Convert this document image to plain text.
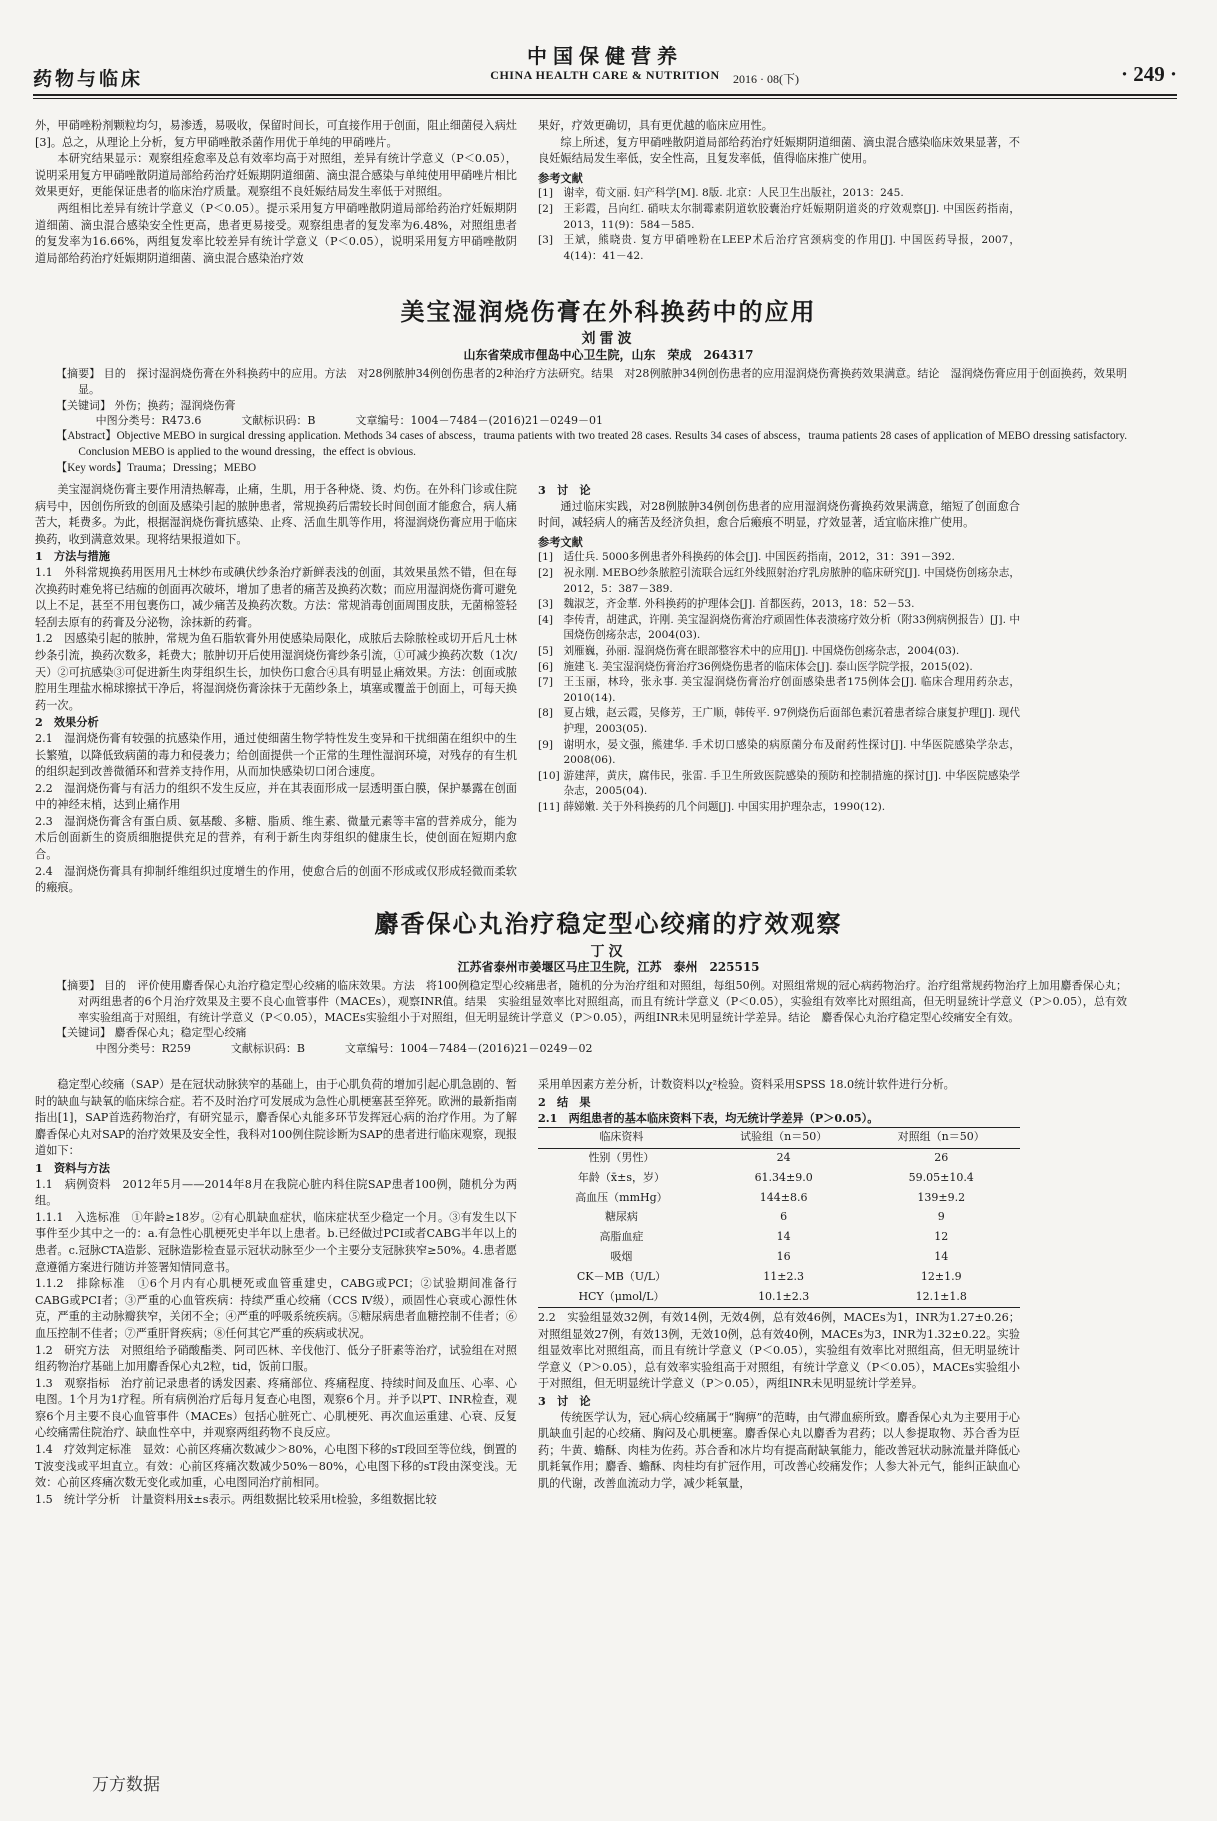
中国保健营养
CHINA HEALTH CARE & NUTRITION
药物与临床	2016 · 08(下)	· 249 ·

外，甲硝唑粉剂颗粒均匀，易渗透，易吸收，保留时间长，可直接作用于创面，阻止细菌侵入病灶[3]。总之，从理论上分析，复方甲硝唑散杀菌作用优于单纯的甲硝唑片。

本研究结果显示：观察组痊愈率及总有效率均高于对照组，差异有统计学意义（P＜0.05），说明采用复方甲硝唑散阴道局部给药治疗妊娠期阴道细菌、滴虫混合感染与单纯使用甲硝唑片相比效果更好，更能保证患者的临床治疗质量。观察组不良妊娠结局发生率低于对照组。

两组相比差异有统计学意义（P＜0.05）。提示采用复方甲硝唑散阴道局部给药治疗妊娠期阴道细菌、滴虫混合感染安全性更高，患者更易接受。观察组患者的复发率为6.48%，对照组患者的复发率为16.66%，两组复发率比较差异有统计学意义（P＜0.05），说明采用复方甲硝唑散阴道局部给药治疗妊娠期阴道细菌、滴虫混合感染治疗效

果好，疗效更确切，具有更优越的临床应用性。

综上所述，复方甲硝唑散阴道局部给药治疗妊娠期阴道细菌、滴虫混合感染临床效果显著，不良妊娠结局发生率低，安全性高，且复发率低，值得临床推广使用。

参考文献

[1] 谢幸，荀文丽. 妇产科学[M]. 8版. 北京：人民卫生出版社，2013：245.

[2] 王彩霞，吕向红. 硝呋太尔制霉素阴道软胶囊治疗妊娠期阴道炎的疗效观察[J]. 中国医药指南，2013，11(9)：584－585.

[3] 王斌，熊晓贵. 复方甲硝唑粉在LEEP术后治疗宫颈病变的作用[J]. 中国医药导报，2007，4(14)：41－42.

美宝湿润烧伤膏在外科换药中的应用
刘雷波
山东省荣成市俚岛中心卫生院，山东　荣成　264317

【摘要】 目的　探讨湿润烧伤膏在外科换药中的应用。方法　对28例脓肿34例创伤患者的2种治疗方法研究。结果　对28例脓肿34例创伤患者的应用湿润烧伤膏换药效果满意。结论　湿润烧伤膏应用于创面换药，效果明显。

【关键词】 外伤；换药；湿润烧伤膏

中图分类号：R473.6	文献标识码：B	文章编号：1004－7484－(2016)21－0249－01

【Abstract】Objective MEBO in surgical dressing application. Methods 34 cases of abscess，trauma patients with two treated 28 cases. Results 34 cases of abscess，trauma patients 28 cases of application of MEBO dressing satisfactory. Conclusion MEBO is applied to the wound dressing，the effect is obvious.

【Key words】Trauma；Dressing；MEBO

美宝湿润烧伤膏主要作用清热解毒，止痛，生肌，用于各种烧、烫、灼伤。在外科门诊或住院病号中，因创伤所致的创面及感染引起的脓肿患者，常规换药后需较长时间创面才能愈合，病人痛苦大，耗费多。为此，根据湿润烧伤膏抗感染、止疼、活血生肌等作用，将湿润烧伤膏应用于临床换药，收到满意效果。现将结果报道如下。

1　方法与措施

1.1　外科常规换药用医用凡士林纱布或碘伏纱条治疗新鲜表浅的创面，其效果虽然不错，但在每次换药时难免将已结痂的创面再次破坏，增加了患者的痛苦及换药次数；而应用湿润烧伤膏可避免以上不足，甚至不用包裹伤口，减少痛苦及换药次数。方法：常规消毒创面周围皮肤，无菌棉签轻轻刮去原有的药膏及分泌物，涂抹新的药膏。

1.2　因感染引起的脓肿，常规为鱼石脂软膏外用使感染局限化，成脓后去除脓栓或切开后凡士林纱条引流，换药次数多，耗费大；脓肿切开后使用湿润烧伤膏纱条引流，①可减少换药次数（1次/天）②可抗感染③可促进新生肉芽组织生长，加快伤口愈合④具有明显止痛效果。方法：创面或脓腔用生理盐水棉球擦拭干净后，将湿润烧伤膏涂抹于无菌纱条上，填塞或覆盖于创面上，可每天换药一次。

2　效果分析

2.1　湿润烧伤膏有较强的抗感染作用，通过使细菌生物学特性发生变异和干扰细菌在组织中的生长繁殖，以降低致病菌的毒力和侵袭力；给创面提供一个正常的生理性湿润环境，对残存的有生机的组织起到改善微循环和营养支持作用，从而加快感染切口闭合速度。

2.2　湿润烧伤膏与有活力的组织不发生反应，并在其表面形成一层透明蛋白膜，保护暴露在创面中的神经末梢，达到止痛作用

2.3　湿润烧伤膏含有蛋白质、氨基酸、多糖、脂质、维生素、微量元素等丰富的营养成分，能为术后创面新生的资质细胞提供充足的营养，有利于新生肉芽组织的健康生长，使创面在短期内愈合。

2.4　湿润烧伤膏具有抑制纤维组织过度增生的作用，使愈合后的创面不形成或仅形成轻微而柔软的瘢痕。

3　讨　论

通过临床实践，对28例脓肿34例创伤患者的应用湿润烧伤膏换药效果满意，缩短了创面愈合时间，减轻病人的痛苦及经济负担，愈合后瘢痕不明显，疗效显著，适宜临床推广使用。

参考文献

[1] 适仕兵. 5000多例患者外科换药的体会[J]. 中国医药指南，2012，31：391－392.

[2] 祝永刚. MEBO纱条脓腔引流联合远红外线照射治疗乳房脓肿的临床研究[J]. 中国烧伤创疡杂志，2012，5：387－389.

[3] 魏淑芝，齐金華. 外科换药的护理体会[J]. 首都医药，2013，18：52－53.

[4] 李传青，胡建武，许刚. 美宝湿润烧伤膏治疗顽固性体表溃疡疗效分析（附33例病例报告）[J]. 中国烧伤创疡杂志，2004(03).

[5] 刘雁巍，孙丽. 湿润烧伤膏在眼部整容术中的应用[J]. 中国烧伤创疡杂志，2004(03).

[6] 施建飞. 美宝湿润烧伤膏治疗36例烧伤患者的临床体会[J]. 泰山医学院学报，2015(02).

[7] 王玉丽，林玲，张永事. 美宝湿润烧伤膏治疗创面感染患者175例体会[J]. 临床合理用药杂志，2010(14).

[8] 夏占娥，赵云霞，吴修芳，王广顺，韩传平. 97例烧伤后面部色素沉着患者综合康复护理[J]. 现代护理，2003(05).

[9] 谢明水，晏文强，熊建华. 手术切口感染的病原菌分布及耐药性探讨[J]. 中华医院感染学杂志，2008(06).

[10] 游建萍，黄庆，腐伟民，张雷. 手卫生所致医院感染的预防和控制措施的探讨[J]. 中华医院感染学杂志，2005(04).

[11] 薛娣嫩. 关于外科换药的几个问题[J]. 中国实用护理杂志，1990(12).

麝香保心丸治疗稳定型心绞痛的疗效观察
丁汉
江苏省泰州市姜堰区马庄卫生院，江苏　泰州　225515

【摘要】 目的　评价使用麝香保心丸治疗稳定型心绞痛的临床效果。方法　将100例稳定型心绞痛患者，随机的分为治疗组和对照组，每组50例。对照组常规的冠心病药物治疗。治疗组常规药物治疗上加用麝香保心丸；对两组患者的6个月治疗效果及主要不良心血管事件（MACEs），观察INR值。结果　实验组显效率比对照组高，而且有统计学意义（P＜0.05），实验组有效率比对照组高，但无明显统计学意义（P＞0.05），总有效率实验组高于对照组，有统计学意义（P＜0.05），MACEs实验组小于对照组，但无明显统计学意义（P＞0.05），两组INR未见明显统计学差异。结论　麝香保心丸治疗稳定型心绞痛安全有效。

【关键词】 麝香保心丸；稳定型心绞痛

中图分类号：R259	文献标识码：B	文章编号：1004－7484－(2016)21－0249－02

稳定型心绞痛（SAP）是在冠状动脉狭窄的基础上，由于心肌负荷的增加引起心肌急剧的、暂时的缺血与缺氧的临床综合症。若不及时治疗可发展成为急性心肌梗塞甚至猝死。欧洲的最新指南指出[1]，SAP首选药物治疗，有研究显示，麝香保心丸能多环节发挥冠心病的治疗作用。为了解麝香保心丸对SAP的治疗效果及安全性，我科对100例住院诊断为SAP的患者进行临床观察，现报道如下：

1　资料与方法

1.1　病例资料　2012年5月——2014年8月在我院心脏内科住院SAP患者100例，随机分为两组。

1.1.1　入选标准　①年龄≥18岁。②有心肌缺血症状，临床症状至少稳定一个月。③有发生以下事件至少其中之一的：a.有急性心肌梗死史半年以上患者。b.已经做过PCI或者CABG半年以上的患者。c.冠脉CTA造影、冠脉造影检查显示冠状动脉至少一个主要分支冠脉狭窄≥50%。4.患者愿意遵循方案进行随访并签署知情同意书。

1.1.2　排除标准　①6个月内有心肌梗死或血管重建史，CABG或PCI；②试验期间准备行CABG或PCI者；③严重的心血管疾病：持续严重心绞痛（CCS Ⅳ级），顽固性心衰或心源性休克，严重的主动脉瓣狭窄，关闭不全；④严重的呼吸系统疾病。⑤糖尿病患者血糖控制不佳者；⑥血压控制不佳者；⑦严重肝肾疾病；⑧任何其它严重的疾病或状况。

1.2　研究方法　对照组给予硝酸酯类、阿司匹林、辛伐他汀、低分子肝素等治疗，试验组在对照组药物治疗基础上加用麝香保心丸2粒，tid，饭前口服。

1.3　观察指标　治疗前记录患者的诱发因素、疼痛部位、疼痛程度、持续时间及血压、心率、心电图。1个月为1疗程。所有病例治疗后每月复查心电图，观察6个月。并予以PT、INR检查，观察6个月主要不良心血管事件（MACEs）包括心脏死亡、心肌梗死、再次血运重建、心衰、反复心绞痛需住院治疗、缺血性卒中，并观察两组药物不良反应。

1.4　疗效判定标准　显效：心前区疼痛次数减少＞80%，心电图下移的sT段回至等位线，倒置的T波变浅或平坦直立。有效：心前区疼痛次数减少50%－80%，心电图下移的sT段由深变浅。无效：心前区疼痛次数无变化或加重，心电图同治疗前相同。

1.5　统计学分析　计量资料用x̄±s表示。两组数据比较采用t检验，多组数据比较

采用单因素方差分析，计数资料以χ²检验。资料采用SPSS 18.0统计软件进行分析。

2　结　果

2.1　两组患者的基本临床资料下表，均无统计学差异（P＞0.05）。

临床资料	试验组（n＝50）	对照组（n＝50）
性别（男性）	24	26
年龄（x̄±s，岁）	61.34±9.0	59.05±10.4
高血压（mmHg）	144±8.6	139±9.2
糖尿病	6	9
高脂血症	14	12
吸烟	16	14
CK－MB（U/L）	11±2.3	12±1.9
HCY（μmol/L）	10.1±2.3	12.1±1.8

2.2　实验组显效32例，有效14例，无效4例，总有效46例，MACEs为1，INR为1.27±0.26；对照组显效27例，有效13例，无效10例，总有效40例，MACEs为3，INR为1.32±0.22。实验组显效率比对照组高，而且有统计学意义（P＜0.05），实验组有效率比对照组高，但无明显统计学意义（P＞0.05），总有效率实验组高于对照组，有统计学意义（P＜0.05），MACEs实验组小于对照组，但无明显统计学意义（P＞0.05），两组INR未见明显统计学差异。

3　讨　论

传统医学认为，冠心病心绞痛属于“胸痹”的范畴，由气滞血瘀所致。麝香保心丸为主要用于心肌缺血引起的心绞痛、胸闷及心肌梗塞。麝香保心丸以麝香为君药；以人参提取物、苏合香为臣药；牛黄、蟾酥、肉桂为佐药。苏合香和冰片均有提高耐缺氧能力，能改善冠状动脉流量并降低心肌耗氧作用；麝香、蟾酥、肉桂均有扩冠作用，可改善心绞痛发作；人参大补元气，能纠正缺血心肌的代谢，改善血流动力学，减少耗氧量，

万方数据
